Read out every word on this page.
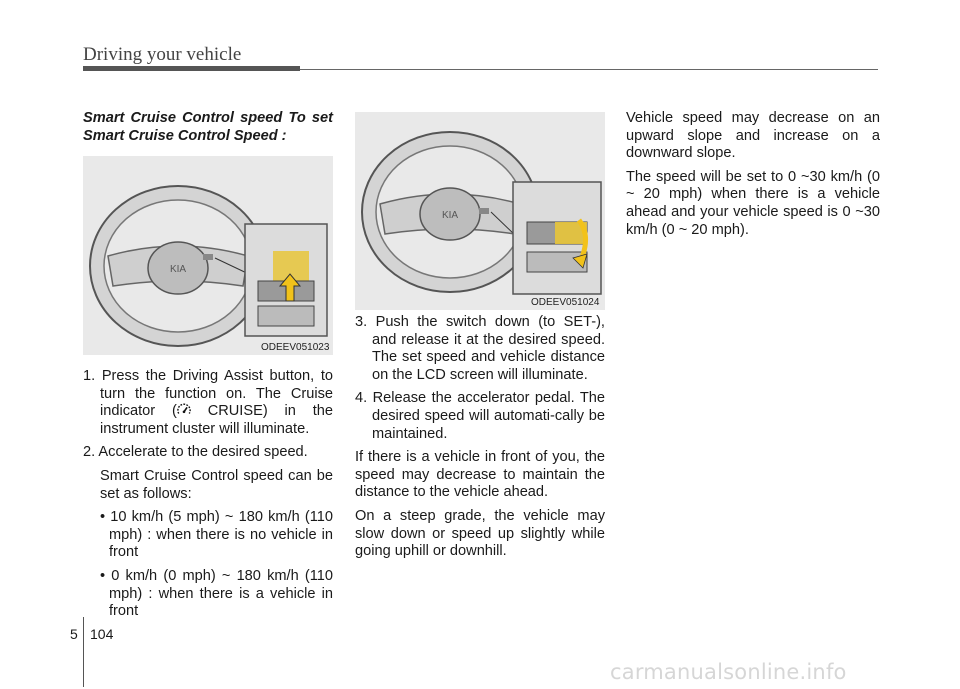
Driving your vehicle

Smart Cruise Control speed To set Smart Cruise Control Speed :

KIA
ODEEV051023

1. Press the Driving Assist button, to turn the function on. The Cruise indicator ( CRUISE) in the instrument cluster will illuminate.

2. Accelerate to the desired speed.

Smart Cruise Control speed can be set as follows:

• 10 km/h (5 mph) ~ 180 km/h (110 mph) : when there is no vehicle in front

• 0 km/h (0 mph) ~ 180 km/h (110 mph) : when there is a vehicle in front

KIA
ODEEV051024

3. Push the switch down (to SET-), and release it at the desired speed. The set speed and vehicle distance on the LCD screen will illuminate.

4. Release the accelerator pedal. The desired speed will automati-cally be maintained.

If there is a vehicle in front of you, the speed may decrease to maintain the distance to the vehicle ahead.

On a steep grade, the vehicle may slow down or speed up slightly while going uphill or downhill.

Vehicle speed may decrease on an upward slope and increase on a downward slope.

The speed will be set to 0 ~30 km/h (0 ~ 20 mph) when there is a vehicle ahead and your vehicle speed is 0 ~30 km/h (0 ~ 20 mph).

5 104
carmanualsonline.info
